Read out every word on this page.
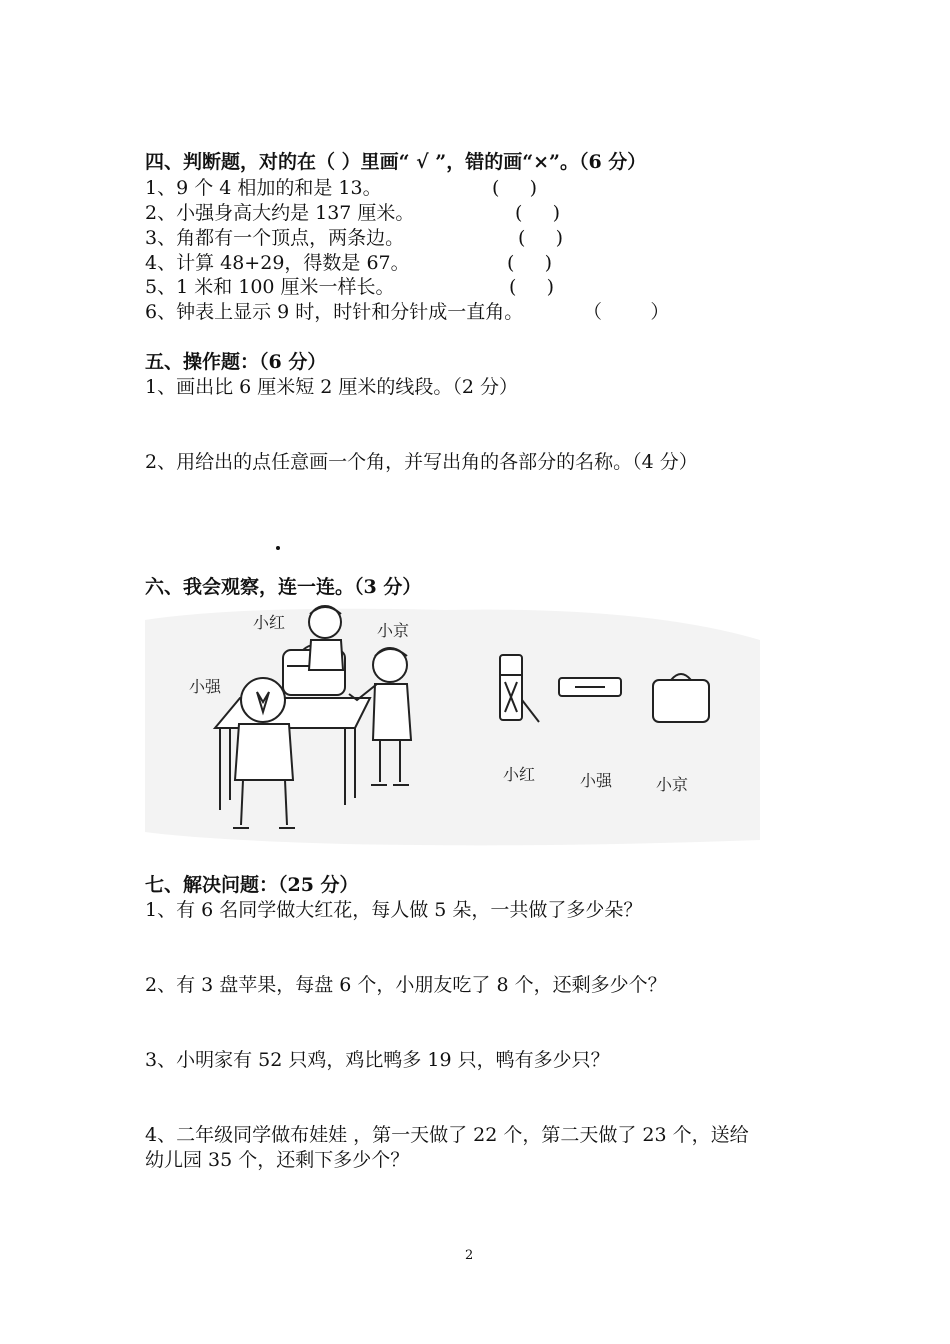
四、判断题，对的在（ ）里画“ √ ”，错的画“×”。（6 分）
1、9 个 4 相加的和是 13。	(     )
2、小强身高大约是 137 厘米。	(     )
3、角都有一个顶点，两条边。	(     )
4、计算 48+29，得数是 67。	(     )
5、1 米和 100 厘米一样长。	(     )
6、钟表上显示 9 时，时针和分针成一直角。	（        ）
五、操作题：（6 分）
1、画出比 6 厘米短 2 厘米的线段。（2 分）
2、用给出的点任意画一个角，并写出角的各部分的名称。（4 分）
六、我会观察，连一连。（3 分）
小红	小京
小强
小红	小强	小京
七、解决问题：（25 分）
1、有 6 名同学做大红花，每人做 5 朵，一共做了多少朵？
2、有 3 盘苹果，每盘 6 个，小朋友吃了 8 个，还剩多少个？
3、小明家有 52 只鸡，鸡比鸭多 19 只，鸭有多少只？
4、二年级同学做布娃娃 ，第一天做了 22 个，第二天做了 23 个，送给
幼儿园 35 个，还剩下多少个？
2
